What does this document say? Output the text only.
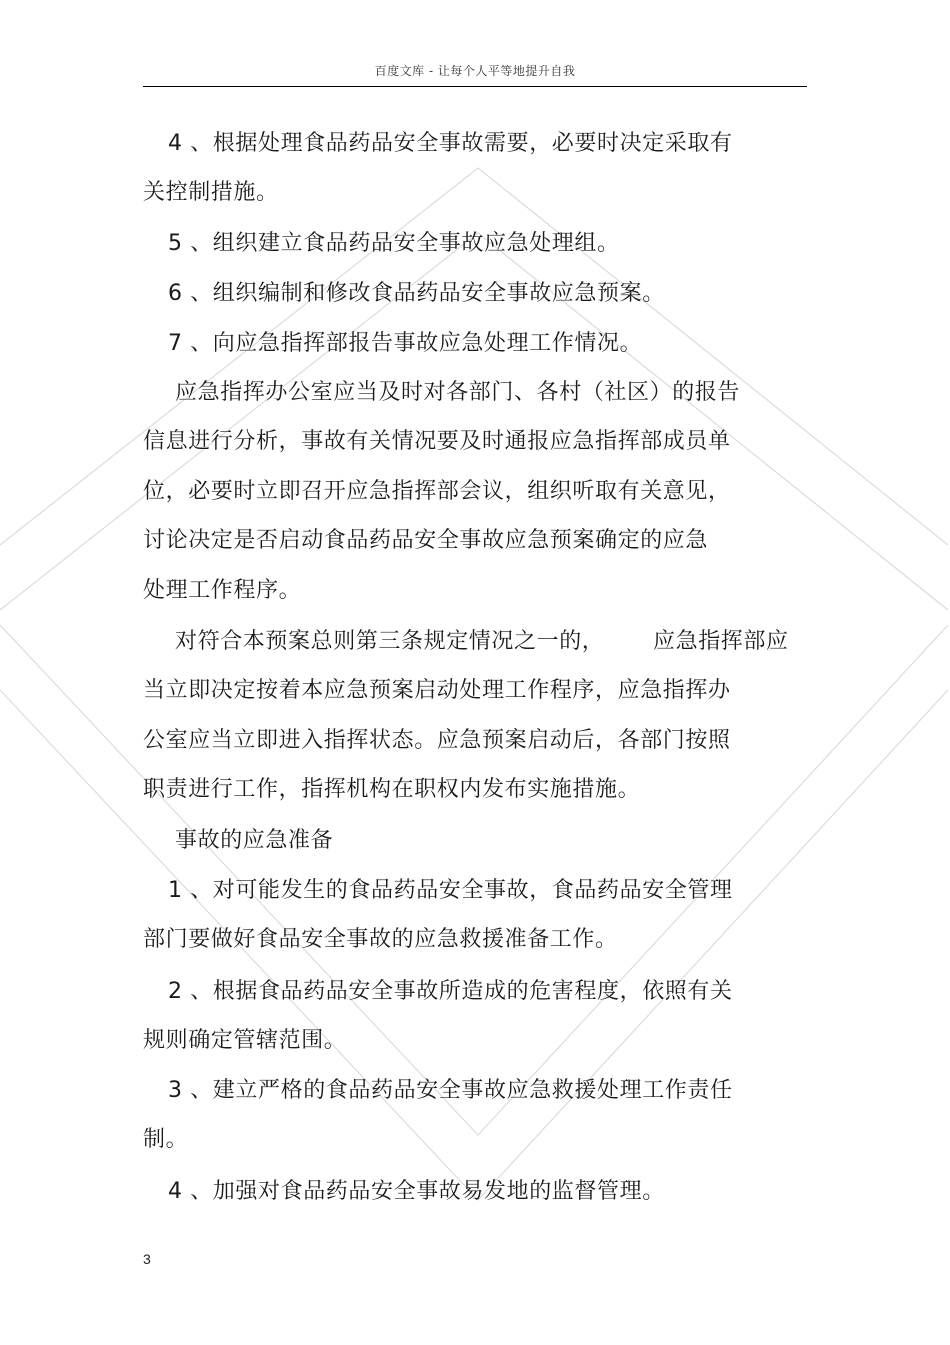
百度文库 - 让每个人平等地提升自我
4 、根据处理食品药品安全事故需要，必要时决定采取有
关控制措施。
5 、组织建立食品药品安全事故应急处理组。
6 、组织编制和修改食品药品安全事故应急预案。
7 、向应急指挥部报告事故应急处理工作情况。
应急指挥办公室应当及时对各部门、各村（社区）的报告
信息进行分析，事故有关情况要及时通报应急指挥部成员单
位，必要时立即召开应急指挥部会议，组织听取有关意见，
讨论决定是否启动食品药品安全事故应急预案确定的应急
处理工作程序。
对符合本预案总则第三条规定情况之一的， 应急指挥部应
当立即决定按着本应急预案启动处理工作程序，应急指挥办
公室应当立即进入指挥状态。应急预案启动后，各部门按照
职责进行工作，指挥机构在职权内发布实施措施。
事故的应急准备
1 、对可能发生的食品药品安全事故，食品药品安全管理
部门要做好食品安全事故的应急救援准备工作。
2 、根据食品药品安全事故所造成的危害程度，依照有关
规则确定管辖范围。
3 、建立严格的食品药品安全事故应急救援处理工作责任
制。
4 、加强对食品药品安全事故易发地的监督管理。
3
